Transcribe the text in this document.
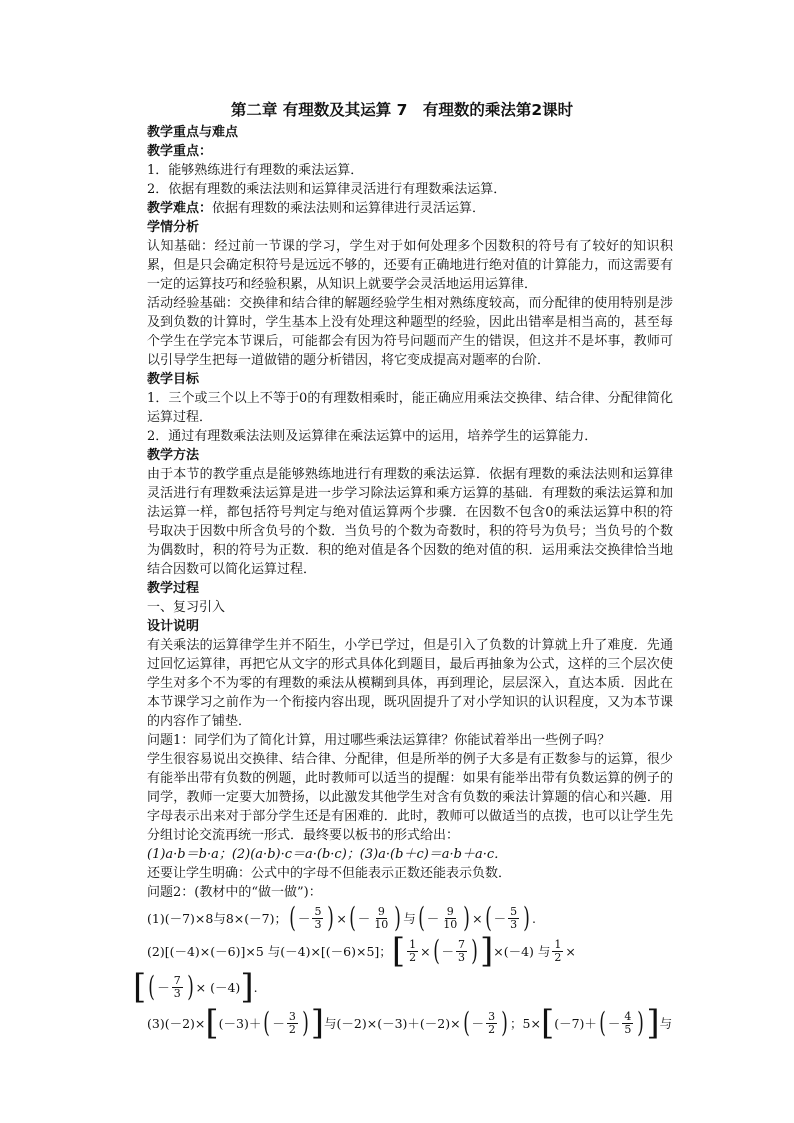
第二章 有理数及其运算 7　有理数的乘法第2课时
教学重点与难点
教学重点：

1．能够熟练进行有理数的乘法运算．

2．依据有理数的乘法法则和运算律灵活进行有理数乘法运算．

教学难点：依据有理数的乘法法则和运算律进行灵活运算．

学情分析

认知基础：经过前一节课的学习，学生对于如何处理多个因数积的符号有了较好的知识积累，但是只会确定积符号是远远不够的，还要有正确地进行绝对值的计算能力，而这需要有一定的运算技巧和经验积累，从知识上就要学会灵活地运用运算律．

活动经验基础：交换律和结合律的解题经验学生相对熟练度较高，而分配律的使用特别是涉及到负数的计算时，学生基本上没有处理这种题型的经验，因此出错率是相当高的，甚至每个学生在学完本节课后，可能都会有因为符号问题而产生的错误，但这并不是坏事，教师可以引导学生把每一道做错的题分析错因，将它变成提高对题率的台阶．

教学目标

1．三个或三个以上不等于0的有理数相乘时，能正确应用乘法交换律、结合律、分配律简化运算过程．

2．通过有理数乘法法则及运算律在乘法运算中的运用，培养学生的运算能力．

教学方法

由于本节的教学重点是能够熟练地进行有理数的乘法运算．依据有理数的乘法法则和运算律灵活进行有理数乘法运算是进一步学习除法运算和乘方运算的基础．有理数的乘法运算和加法运算一样，都包括符号判定与绝对值运算两个步骤．在因数不包含0的乘法运算中积的符号取决于因数中所含负号的个数．当负号的个数为奇数时，积的符号为负号；当负号的个数为偶数时，积的符号为正数．积的绝对值是各个因数的绝对值的积．运用乘法交换律恰当地结合因数可以简化运算过程．

教学过程

一、复习引入

设计说明

有关乘法的运算律学生并不陌生，小学已学过，但是引入了负数的计算就上升了难度．先通过回忆运算律，再把它从文字的形式具体化到题目，最后再抽象为公式，这样的三个层次使学生对多个不为零的有理数的乘法从模糊到具体，再到理论，层层深入，直达本质．因此在本节课学习之前作为一个衔接内容出现，既巩固提升了对小学知识的认识程度，又为本节课的内容作了铺垫．

问题1：同学们为了简化计算，用过哪些乘法运算律？你能试着举出一些例子吗？

学生很容易说出交换律、结合律、分配律，但是所举的例子大多是有正数参与的运算，很少有能举出带有负数的例题，此时教师可以适当的提醒：如果有能举出带有负数运算的例子的同学，教师一定要大加赞扬，以此激发其他学生对含有负数的乘法计算题的信心和兴趣．用字母表示出来对于部分学生还是有困难的．此时，教师可以做适当的点拨，也可以让学生先分组讨论交流再统一形式．最终要以板书的形式给出：

(1)a·b＝b·a；(2)(a·b)·c＝a·(b·c)；(3)a·(b＋c)＝a·b＋a·c．

还要让学生明确：公式中的字母不但能表示正数还能表示负数．

问题2：(教材中的“做一做”)：

(1)(－7)×8与8×(－7)； ( － $\frac{5}{3}$ ) × ( － $\frac{9}{10}$ ) 与 ( － $\frac{9}{10}$ ) × ( － $\frac{5}{3}$ ) .
(2)[(－4)×(－6)]×5 与(－4)×[(－6)×5]； [ $\frac{1}{2}$ × ( － $\frac{7}{3}$ ) ] ×(－4) 与 $\frac{1}{2}$ ×
[ ( － $\frac{7}{3}$ ) × (－4) ] .
(3)(－2)× [ (－3)＋ ( － $\frac{3}{2}$ ) ] 与(－2)×(－3)＋(－2)× ( － $\frac{3}{2}$ ) ；5× [ (－7)＋ ( － $\frac{4}{5}$ ) ] 与
